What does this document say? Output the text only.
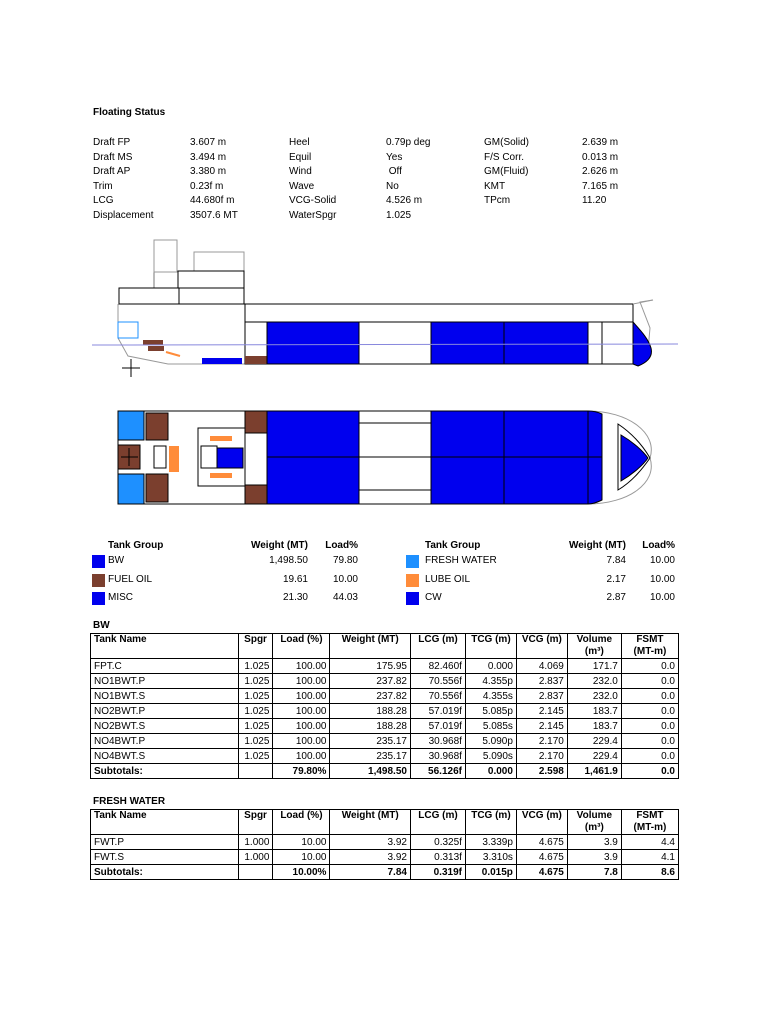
Floating Status
Draft FP	3.607 m	Heel	0.79p deg	GM(Solid)	2.639 m
Draft MS	3.494 m	Equil	Yes	F/S Corr.	0.013 m
Draft AP	3.380 m	Wind	Off	GM(Fluid)	2.626 m
Trim	0.23f m	Wave	No	KMT	7.165 m
LCG	44.680f m	VCG-Solid	4.526 m	TPcm	11.20
Displacement	3507.6 MT	WaterSpgr	1.025
Tank Group	Weight (MT)	Load%
BW	1,498.50	79.80
FUEL OIL	19.61	10.00
MISC	21.30	44.03
Tank Group	Weight (MT)	Load%
FRESH WATER	7.84	10.00
LUBE OIL	2.17	10.00
CW	2.87	10.00
BW
Tank Name	Spgr	Load (%)	Weight (MT)	LCG (m)	TCG (m)	VCG (m)	Volume (m³)	FSMT (MT-m)
FPT.C	1.025	100.00	175.95	82.460f	0.000	4.069	171.7	0.0
NO1BWT.P	1.025	100.00	237.82	70.556f	4.355p	2.837	232.0	0.0
NO1BWT.S	1.025	100.00	237.82	70.556f	4.355s	2.837	232.0	0.0
NO2BWT.P	1.025	100.00	188.28	57.019f	5.085p	2.145	183.7	0.0
NO2BWT.S	1.025	100.00	188.28	57.019f	5.085s	2.145	183.7	0.0
NO4BWT.P	1.025	100.00	235.17	30.968f	5.090p	2.170	229.4	0.0
NO4BWT.S	1.025	100.00	235.17	30.968f	5.090s	2.170	229.4	0.0
Subtotals:		79.80%	1,498.50	56.126f	0.000	2.598	1,461.9	0.0
FRESH WATER
Tank Name	Spgr	Load (%)	Weight (MT)	LCG (m)	TCG (m)	VCG (m)	Volume (m³)	FSMT (MT-m)
FWT.P	1.000	10.00	3.92	0.325f	3.339p	4.675	3.9	4.4
FWT.S	1.000	10.00	3.92	0.313f	3.310s	4.675	3.9	4.1
Subtotals:		10.00%	7.84	0.319f	0.015p	4.675	7.8	8.6
